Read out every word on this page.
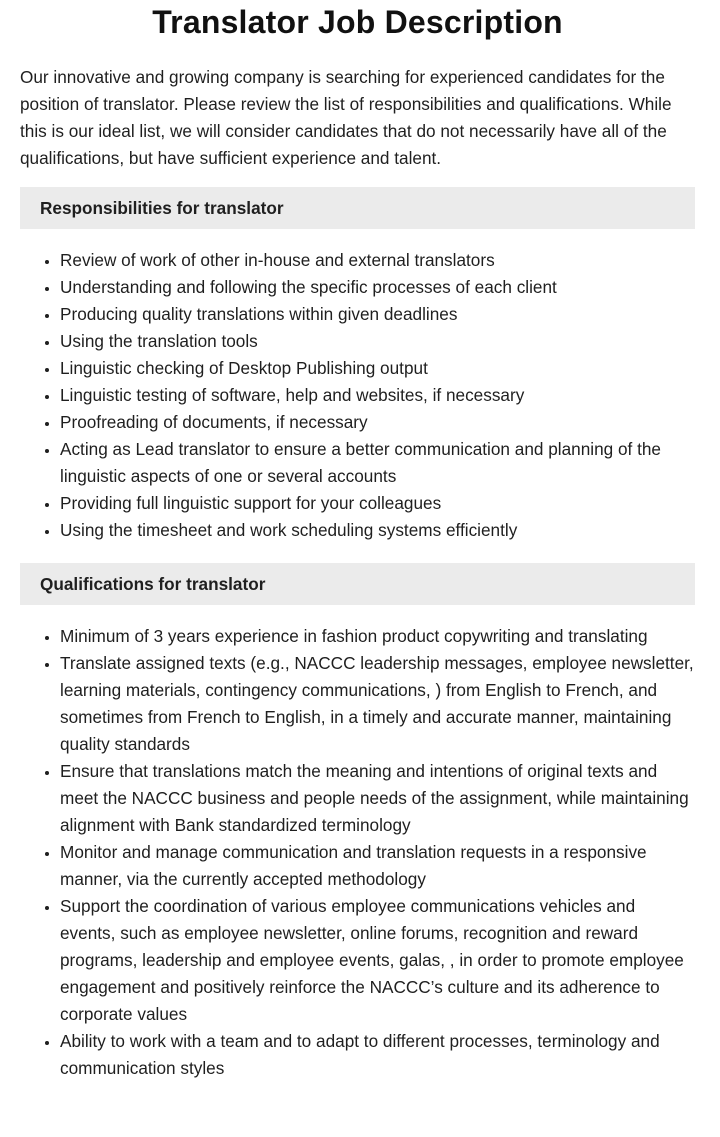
Translator Job Description

Our innovative and growing company is searching for experienced candidates for the position of translator. Please review the list of responsibilities and qualifications. While this is our ideal list, we will consider candidates that do not necessarily have all of the qualifications, but have sufficient experience and talent.

Responsibilities for translator
• Review of work of other in-house and external translators
• Understanding and following the specific processes of each client
• Producing quality translations within given deadlines
• Using the translation tools
• Linguistic checking of Desktop Publishing output
• Linguistic testing of software, help and websites, if necessary
• Proofreading of documents, if necessary
• Acting as Lead translator to ensure a better communication and planning of the linguistic aspects of one or several accounts
• Providing full linguistic support for your colleagues
• Using the timesheet and work scheduling systems efficiently
Qualifications for translator
• Minimum of 3 years experience in fashion product copywriting and translating
• Translate assigned texts (e.g., NACCC leadership messages, employee newsletter, learning materials, contingency communications, ) from English to French, and sometimes from French to English, in a timely and accurate manner, maintaining quality standards
• Ensure that translations match the meaning and intentions of original texts and meet the NACCC business and people needs of the assignment, while maintaining alignment with Bank standardized terminology
• Monitor and manage communication and translation requests in a responsive manner, via the currently accepted methodology
• Support the coordination of various employee communications vehicles and events, such as employee newsletter, online forums, recognition and reward programs, leadership and employee events, galas, , in order to promote employee engagement and positively reinforce the NACCC’s culture and its adherence to corporate values
• Ability to work with a team and to adapt to different processes, terminology and communication styles
